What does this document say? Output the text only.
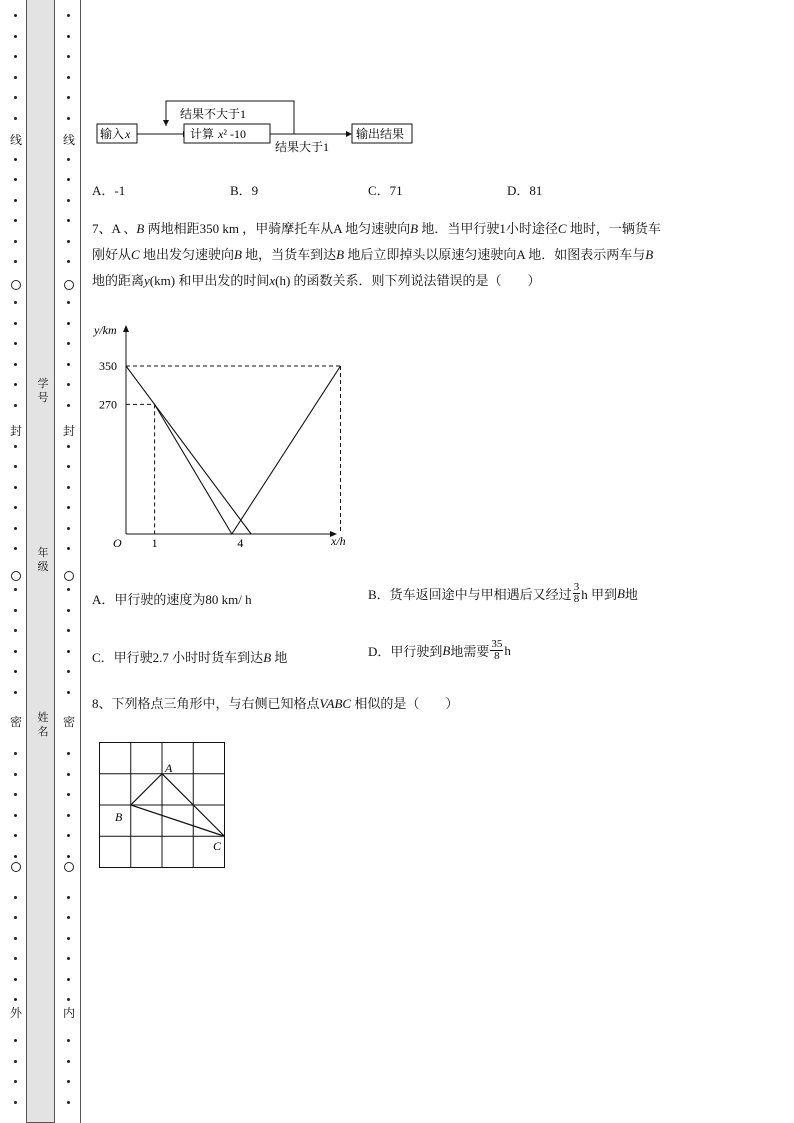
线
封
密
外
线
封
密
内
学号
年级
姓名
输入x	计算 x² -10
结果不大于1
结果大于1
输出结果
A．-1	B．9	C．71	D．81
7、A 、B 两地相距350 km ，甲骑摩托车从A 地匀速驶向B 地．当甲行驶1小时途径C 地时，一辆货车
刚好从C 地出发匀速驶向B 地，当货车到达B 地后立即掉头以原速匀速驶向A 地．如图表示两车与B
地的距离y(km) 和甲出发的时间x(h) 的函数关系．则下列说法错误的是（　　）
y/km
x/h
O 1	4
270
350
A．甲行驶的速度为80 km/ h	B． 货车返回途中与甲相遇后又经过 $\frac{3}{8}$ h 甲到 B 地
C．甲行驶2.7 小时时货车到达B 地	D． 甲行驶到 B 地需要 $\frac{35}{8}$ h
8、下列格点三角形中，与右侧已知格点VABC 相似的是（　　）
A
B
C
